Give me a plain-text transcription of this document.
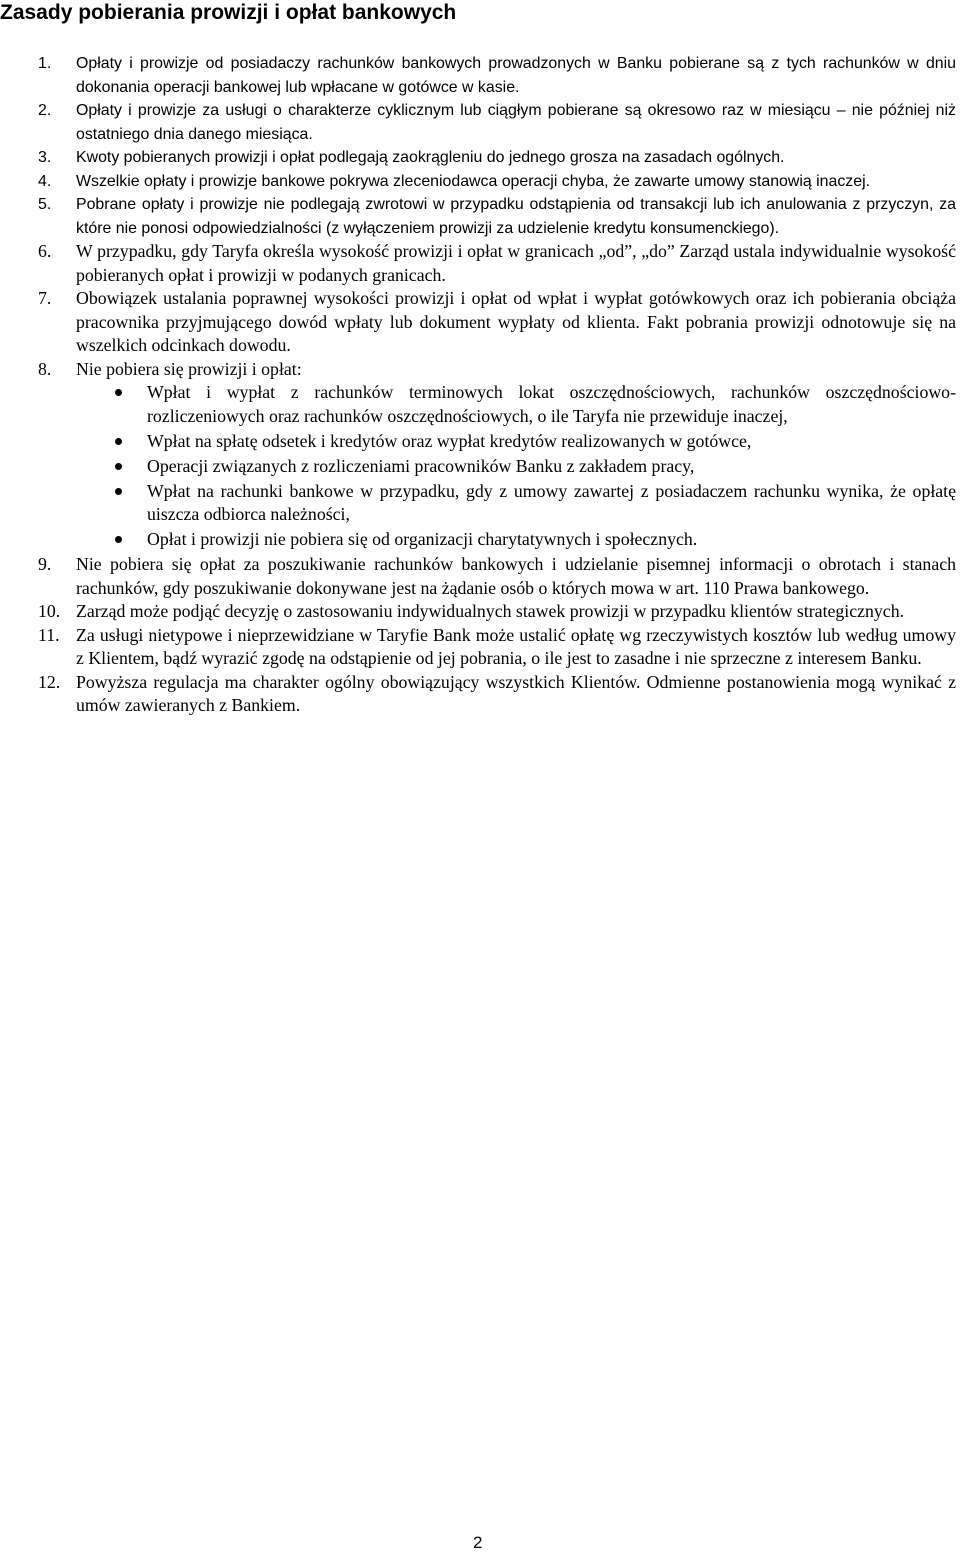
Zasady pobierania prowizji i opłat bankowych
1. Opłaty i prowizje od posiadaczy rachunków bankowych prowadzonych w Banku pobierane są z tych rachunków w dniu dokonania operacji bankowej lub wpłacane w gotówce w kasie.
2. Opłaty i prowizje za usługi o charakterze cyklicznym lub ciągłym pobierane są okresowo raz w miesiącu – nie później niż ostatniego dnia danego miesiąca.
3. Kwoty pobieranych prowizji i opłat podlegają zaokrągleniu do jednego grosza na zasadach ogólnych.
4. Wszelkie opłaty i prowizje bankowe pokrywa zleceniodawca operacji chyba, że zawarte umowy stanowią inaczej.
5. Pobrane opłaty i prowizje nie podlegają zwrotowi w przypadku odstąpienia od transakcji lub ich anulowania z przyczyn, za które nie ponosi odpowiedzialności (z wyłączeniem prowizji za udzielenie kredytu konsumenckiego).
6. W przypadku, gdy Taryfa określa wysokość prowizji i opłat w granicach „od”, „do” Zarząd ustala indywidualnie wysokość pobieranych opłat i prowizji w podanych granicach.
7. Obowiązek ustalania poprawnej wysokości prowizji i opłat od wpłat i wypłat gotówkowych oraz ich pobierania obciąża pracownika przyjmującego dowód wpłaty lub dokument wypłaty od klienta. Fakt pobrania prowizji odnotowuje się na wszelkich odcinkach dowodu.
8. Nie pobiera się prowizji i opłat:
Wpłat i wypłat z rachunków terminowych lokat oszczędnościowych, rachunków oszczędnościowo-rozliczeniowych oraz rachunków oszczędnościowych, o ile Taryfa nie przewiduje inaczej,
Wpłat na spłatę odsetek i kredytów oraz wypłat kredytów realizowanych w gotówce,
Operacji związanych z rozliczeniami pracowników Banku z zakładem pracy,
Wpłat na rachunki bankowe w przypadku, gdy z umowy zawartej z posiadaczem rachunku wynika, że opłatę uiszcza odbiorca należności,
Opłat i prowizji nie pobiera się od organizacji charytatywnych i społecznych.
9. Nie pobiera się opłat za poszukiwanie rachunków bankowych i udzielanie pisemnej informacji o obrotach i stanach rachunków, gdy poszukiwanie dokonywane jest na żądanie osób o których mowa w art. 110 Prawa bankowego.
10. Zarząd może podjąć decyzję o zastosowaniu indywidualnych stawek prowizji w przypadku klientów strategicznych.
11. Za usługi nietypowe i nieprzewidziane w Taryfie Bank może ustalić opłatę wg rzeczywistych kosztów lub według umowy z Klientem, bądź wyrazić zgodę na odstąpienie od jej pobrania, o ile jest to zasadne i nie sprzeczne z interesem Banku.
12. Powyższa regulacja ma charakter ogólny obowiązujący wszystkich Klientów. Odmienne postanowienia mogą wynikać z umów zawieranych z Bankiem.
2
